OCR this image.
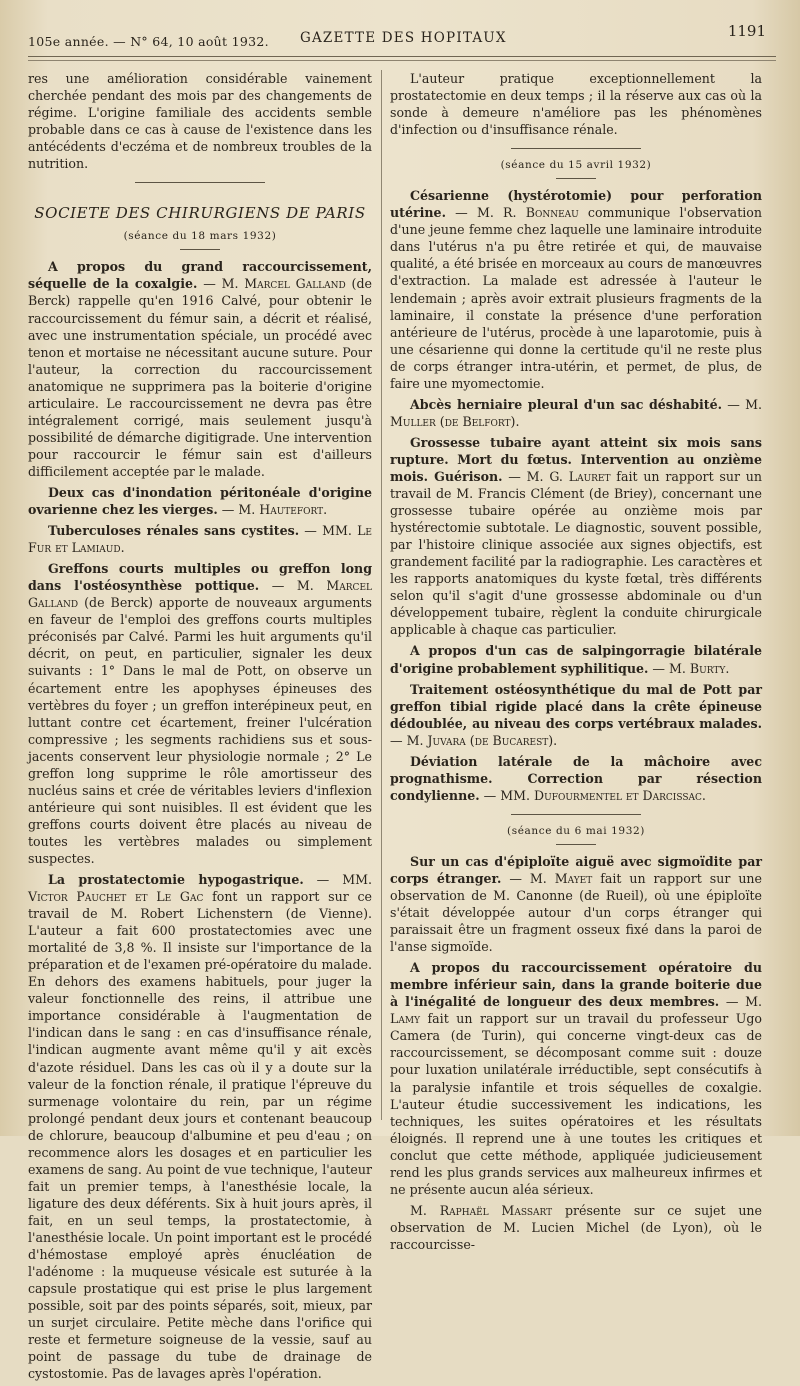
105e année. — N° 64, 10 août 1932. GAZETTE DES HOPITAUX	1191

res une amélioration considérable vainement cherchée pendant des mois par des changements de régime. L'origine familiale des accidents semble probable dans ce cas à cause de l'existence dans les antécédents d'eczéma et de nombreux troubles de la nutrition.

SOCIETE DES CHIRURGIENS DE PARIS

(séance du 18 mars 1932)

A propos du grand raccourcissement, séquelle de la coxalgie. — M. Marcel Galland (de Berck) rappelle qu'en 1916 Calvé, pour obtenir le raccourcissement du fémur sain, a décrit et réalisé, avec une instrumentation spéciale, un procédé avec tenon et mortaise ne nécessitant aucune suture. Pour l'auteur, la correction du raccourcissement anatomique ne supprimera pas la boiterie d'origine articulaire. Le raccourcissement ne devra pas être intégralement corrigé, mais seulement jusqu'à possibilité de démarche digitigrade. Une intervention pour raccourcir le fémur sain est d'ailleurs difficilement acceptée par le malade.

Deux cas d'inondation péritonéale d'origine ovarienne chez les vierges. — M. Hautefort.

Tuberculoses rénales sans cystites. — MM. Le Fur et Lamiaud.

Greffons courts multiples ou greffon long dans l'ostéosynthèse pottique. — M. Marcel Galland (de Berck) apporte de nouveaux arguments en faveur de l'emploi des greffons courts multiples préconisés par Calvé. Parmi les huit arguments qu'il décrit, on peut, en particulier, signaler les deux suivants : 1° Dans le mal de Pott, on observe un écartement entre les apophyses épineuses des vertèbres du foyer ; un greffon interépineux peut, en luttant contre cet écartement, freiner l'ulcération compressive ; les segments rachidiens sus et sous-jacents conservent leur physiologie normale ; 2° Le greffon long supprime le rôle amortisseur des nucléus sains et crée de véritables leviers d'inflexion antérieure qui sont nuisibles. Il est évident que les greffons courts doivent être placés au niveau de toutes les vertèbres malades ou simplement suspectes.

La prostatectomie hypogastrique. — MM. Victor Pauchet et Le Gac font un rapport sur ce travail de M. Robert Lichenstern (de Vienne). L'auteur a fait 600 prostatectomies avec une mortalité de 3,8 %. Il insiste sur l'importance de la préparation et de l'examen pré-opératoire du malade. En dehors des examens habituels, pour juger la valeur fonctionnelle des reins, il attribue une importance considérable à l'augmentation de l'indican dans le sang : en cas d'insuffisance rénale, l'indican augmente avant même qu'il y ait excès d'azote résiduel. Dans les cas où il y a doute sur la valeur de la fonction rénale, il pratique l'épreuve du surmenage volontaire du rein, par un régime prolongé pendant deux jours et contenant beaucoup de chlorure, beaucoup d'albumine et peu d'eau ; on recommence alors les dosages et en particulier les examens de sang. Au point de vue technique, l'auteur fait un premier temps, à l'anesthésie locale, la ligature des deux déférents. Six à huit jours après, il fait, en un seul temps, la prostatectomie, à l'anesthésie locale. Un point important est le procédé d'hémostase employé après énucléation de l'adénome : la muqueuse vésicale est suturée à la capsule prostatique qui est prise le plus largement possible, soit par des points séparés, soit, mieux, par un surjet circulaire. Petite mèche dans l'orifice qui reste et fermeture soigneuse de la vessie, sauf au point de passage du tube de drainage de cystostomie. Pas de lavages après l'opération.

L'auteur pratique exceptionnellement la prostatectomie en deux temps ; il la réserve aux cas où la sonde à demeure n'améliore pas les phénomènes d'infection ou d'insuffisance rénale.

(séance du 15 avril 1932)

Césarienne (hystérotomie) pour perforation utérine. — M. R. Bonneau communique l'observation d'une jeune femme chez laquelle une laminaire introduite dans l'utérus n'a pu être retirée et qui, de mauvaise qualité, a été brisée en morceaux au cours de manœuvres d'extraction. La malade est adressée à l'auteur le lendemain ; après avoir extrait plusieurs fragments de la laminaire, il constate la présence d'une perforation antérieure de l'utérus, procède à une laparotomie, puis à une césarienne qui donne la certitude qu'il ne reste plus de corps étranger intra-utérin, et permet, de plus, de faire une myomectomie.

Abcès herniaire pleural d'un sac déshabité. — M. Muller (de Belfort).

Grossesse tubaire ayant atteint six mois sans rupture. Mort du fœtus. Intervention au onzième mois. Guérison. — M. G. Lauret fait un rapport sur un travail de M. Francis Clément (de Briey), concernant une grossesse tubaire opérée au onzième mois par hystérectomie subtotale. Le diagnostic, souvent possible, par l'histoire clinique associée aux signes objectifs, est grandement facilité par la radiographie. Les caractères et les rapports anatomiques du kyste fœtal, très différents selon qu'il s'agit d'une grossesse abdominale ou d'un développement tubaire, règlent la conduite chirurgicale applicable à chaque cas particulier.

A propos d'un cas de salpingorragie bilatérale d'origine probablement syphilitique. — M. Burty.

Traitement ostéosynthétique du mal de Pott par greffon tibial rigide placé dans la crête épineuse dédoublée, au niveau des corps vertébraux malades. — M. Juvara (de Bucarest).

Déviation latérale de la mâchoire avec prognathisme. Correction par résection condylienne. — MM. Dufourmentel et Darcissac.

(séance du 6 mai 1932)

Sur un cas d'épiploïte aiguë avec sigmoïdite par corps étranger. — M. Mayet fait un rapport sur une observation de M. Canonne (de Rueil), où une épiploïte s'était développée autour d'un corps étranger qui paraissait être un fragment osseux fixé dans la paroi de l'anse sigmoïde.

A propos du raccourcissement opératoire du membre inférieur sain, dans la grande boiterie due à l'inégalité de longueur des deux membres. — M. Lamy fait un rapport sur un travail du professeur Ugo Camera (de Turin), qui concerne vingt-deux cas de raccourcissement, se décomposant comme suit : douze pour luxation unilatérale irréductible, sept consécutifs à la paralysie infantile et trois séquelles de coxalgie. L'auteur étudie successivement les indications, les techniques, les suites opératoires et les résultats éloignés. Il reprend une à une toutes les critiques et conclut que cette méthode, appliquée judicieusement rend les plus grands services aux malheureux infirmes et ne présente aucun aléa sérieux.

M. Raphaël Massart présente sur ce sujet une observation de M. Lucien Michel (de Lyon), où le raccourcisse-
